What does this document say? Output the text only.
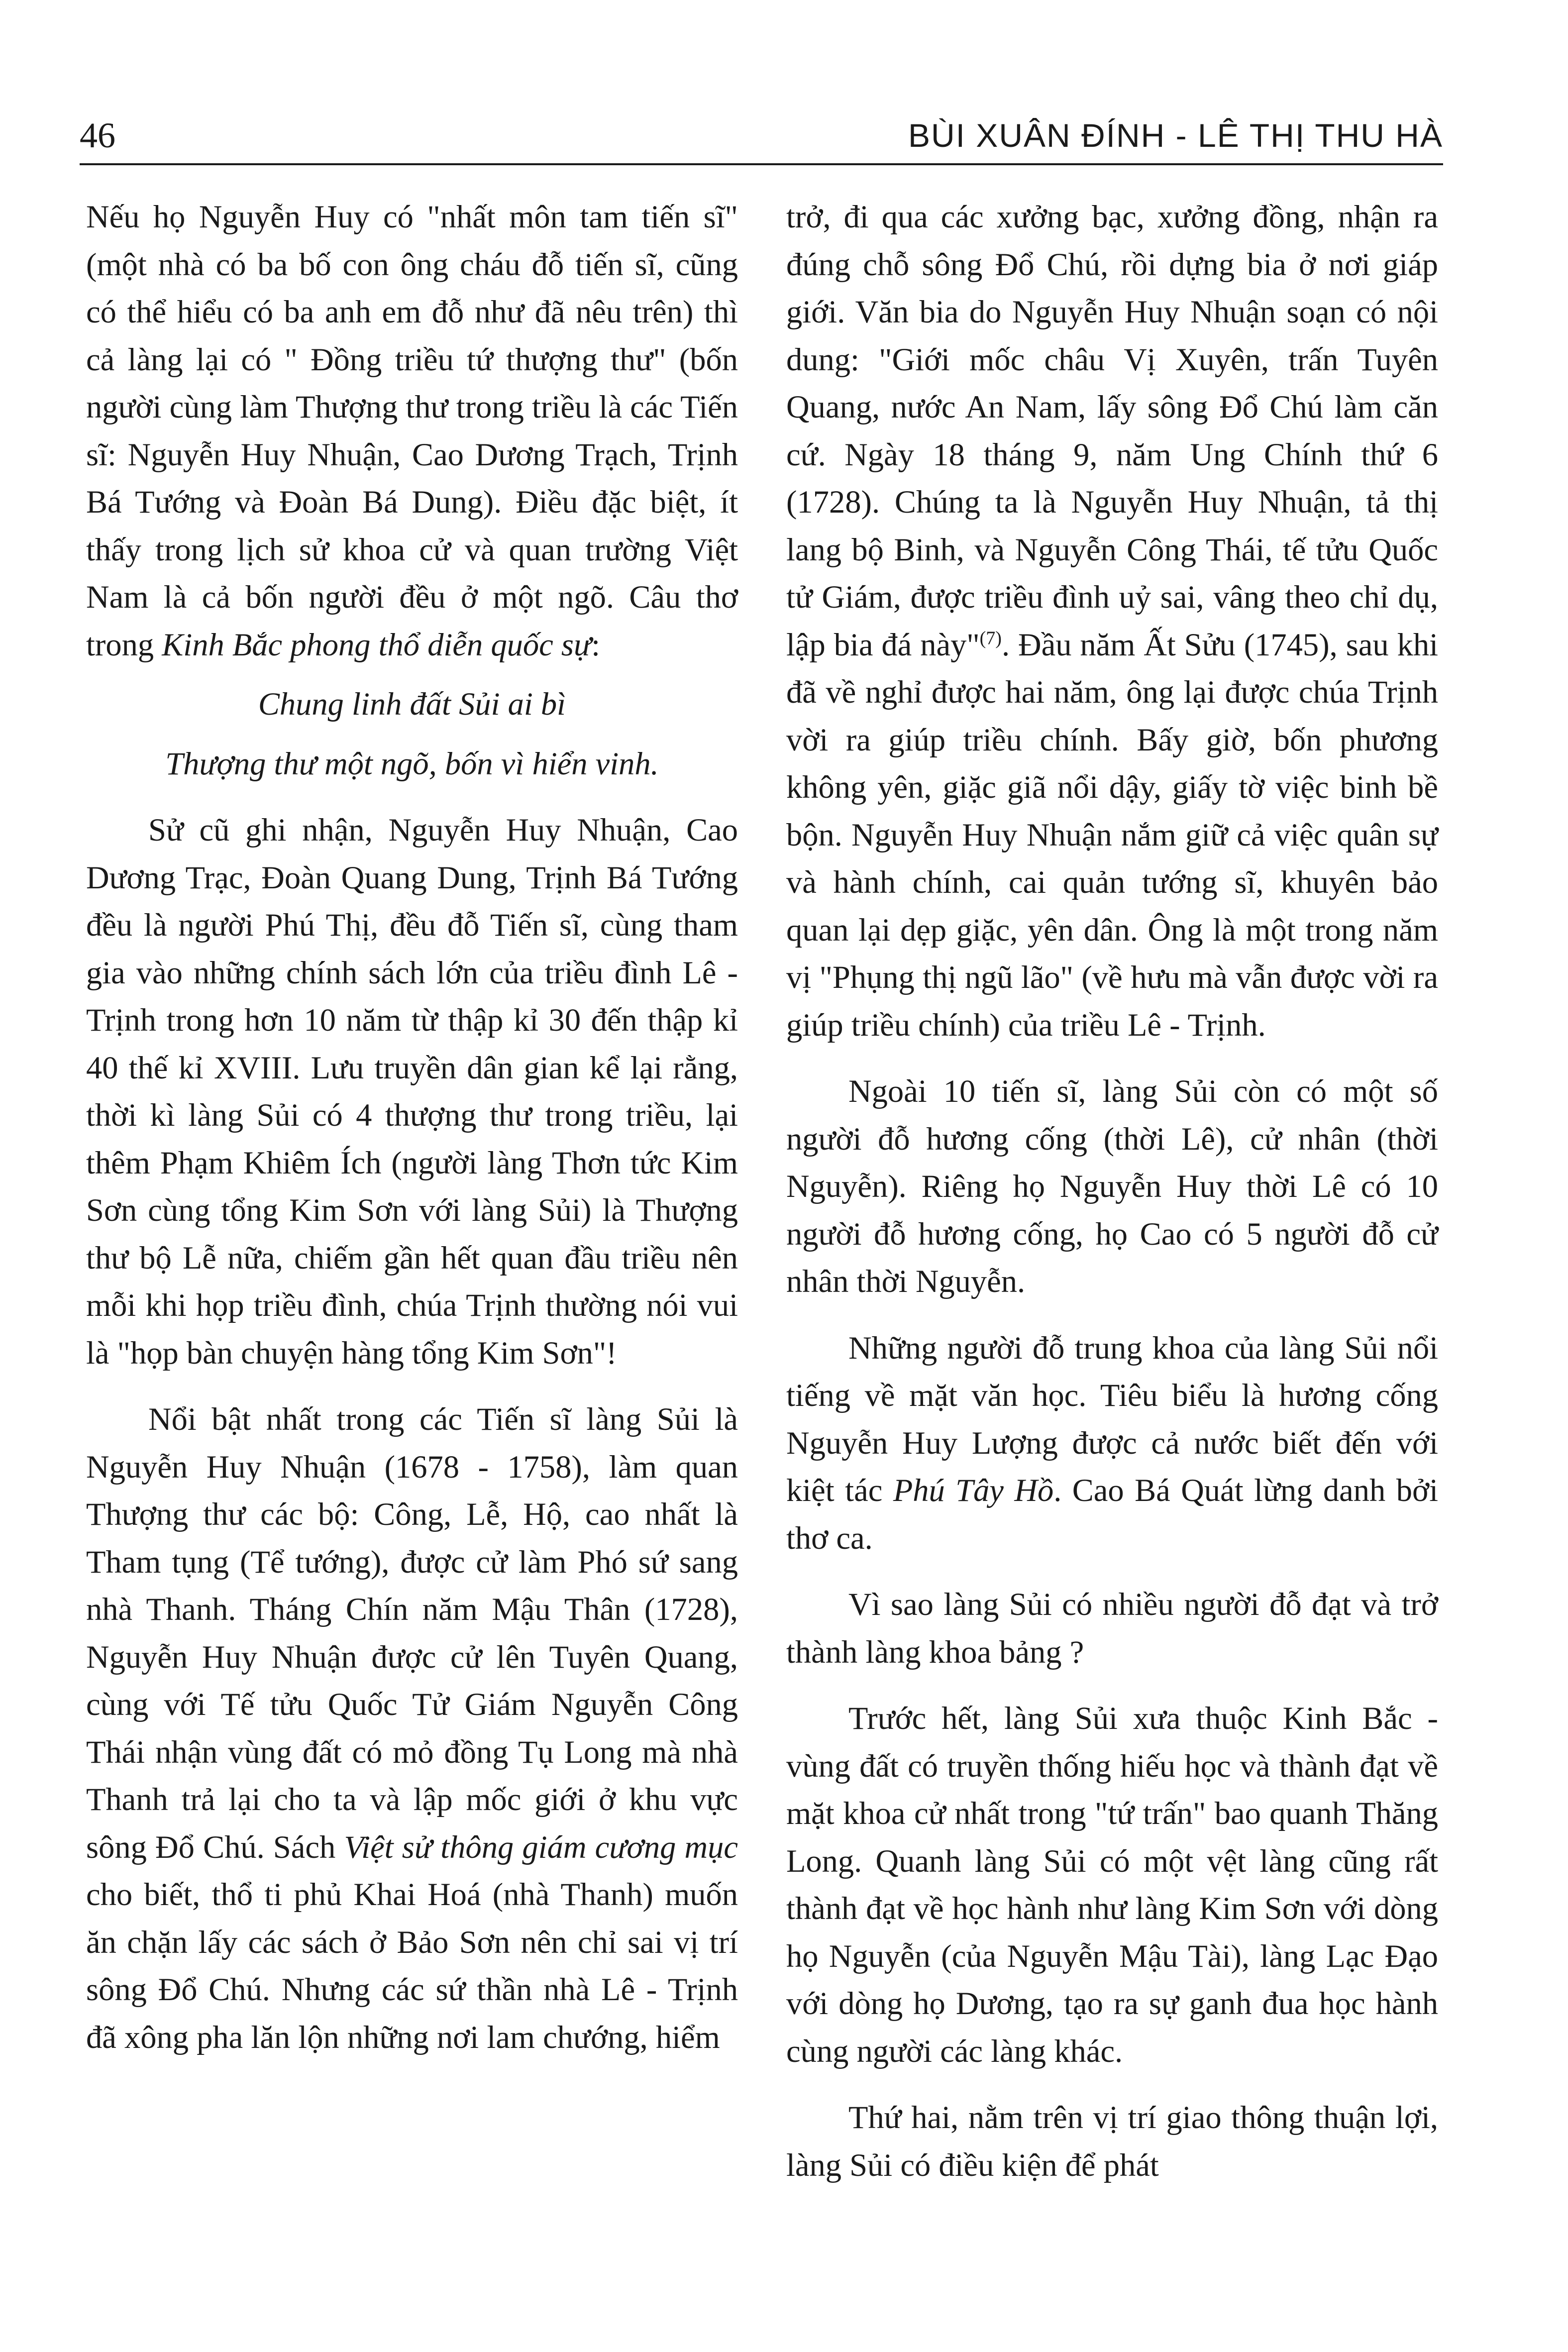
46	BÙI XUÂN ĐÍNH - LÊ THỊ THU HÀ

Nếu họ Nguyễn Huy có "nhất môn tam tiến sĩ" (một nhà có ba bố con ông cháu đỗ tiến sĩ, cũng có thể hiểu có ba anh em đỗ như đã nêu trên) thì cả làng lại có " Đồng triều tứ thượng thư" (bốn người cùng làm Thượng thư trong triều là các Tiến sĩ: Nguyễn Huy Nhuận, Cao Dương Trạch, Trịnh Bá Tướng và Đoàn Bá Dung). Điều đặc biệt, ít thấy trong lịch sử khoa cử và quan trường Việt Nam là cả bốn người đều ở một ngõ. Câu thơ trong Kinh Bắc phong thổ diễn quốc sự:

Chung linh đất Sủi ai bì

Thượng thư một ngõ, bốn vì hiển vinh.

Sử cũ ghi nhận, Nguyễn Huy Nhuận, Cao Dương Trạc, Đoàn Quang Dung, Trịnh Bá Tướng đều là người Phú Thị, đều đỗ Tiến sĩ, cùng tham gia vào những chính sách lớn của triều đình Lê - Trịnh trong hơn 10 năm từ thập kỉ 30 đến thập kỉ 40 thế kỉ XVIII. Lưu truyền dân gian kể lại rằng, thời kì làng Sủi có 4 thượng thư trong triều, lại thêm Phạm Khiêm Ích (người làng Thơn tức Kim Sơn cùng tổng Kim Sơn với làng Sủi) là Thượng thư bộ Lễ nữa, chiếm gần hết quan đầu triều nên mỗi khi họp triều đình, chúa Trịnh thường nói vui là "họp bàn chuyện hàng tổng Kim Sơn"!

Nổi bật nhất trong các Tiến sĩ làng Sủi là Nguyễn Huy Nhuận (1678 - 1758), làm quan Thượng thư các bộ: Công, Lễ, Hộ, cao nhất là Tham tụng (Tể tướng), được cử làm Phó sứ sang nhà Thanh. Tháng Chín năm Mậu Thân (1728), Nguyễn Huy Nhuận được cử lên Tuyên Quang, cùng với Tế tửu Quốc Tử Giám Nguyễn Công Thái nhận vùng đất có mỏ đồng Tụ Long mà nhà Thanh trả lại cho ta và lập mốc giới ở khu vực sông Đổ Chú. Sách Việt sử thông giám cương mục cho biết, thổ ti phủ Khai Hoá (nhà Thanh) muốn ăn chặn lấy các sách ở Bảo Sơn nên chỉ sai vị trí sông Đổ Chú. Nhưng các sứ thần nhà Lê - Trịnh đã xông pha lăn lộn những nơi lam chướng, hiểm

trở, đi qua các xưởng bạc, xưởng đồng, nhận ra đúng chỗ sông Đổ Chú, rồi dựng bia ở nơi giáp giới. Văn bia do Nguyễn Huy Nhuận soạn có nội dung: "Giới mốc châu Vị Xuyên, trấn Tuyên Quang, nước An Nam, lấy sông Đổ Chú làm căn cứ. Ngày 18 tháng 9, năm Ung Chính thứ 6 (1728). Chúng ta là Nguyễn Huy Nhuận, tả thị lang bộ Binh, và Nguyễn Công Thái, tế tửu Quốc tử Giám, được triều đình uỷ sai, vâng theo chỉ dụ, lập bia đá này"$^{(7)}$. Đầu năm Ất Sửu (1745), sau khi đã về nghỉ được hai năm, ông lại được chúa Trịnh vời ra giúp triều chính. Bấy giờ, bốn phương không yên, giặc giã nổi dậy, giấy tờ việc binh bề bộn. Nguyễn Huy Nhuận nắm giữ cả việc quân sự và hành chính, cai quản tướng sĩ, khuyên bảo quan lại dẹp giặc, yên dân. Ông là một trong năm vị "Phụng thị ngũ lão" (về hưu mà vẫn được vời ra giúp triều chính) của triều Lê - Trịnh.

Ngoài 10 tiến sĩ, làng Sủi còn có một số người đỗ hương cống (thời Lê), cử nhân (thời Nguyễn). Riêng họ Nguyễn Huy thời Lê có 10 người đỗ hương cống, họ Cao có 5 người đỗ cử nhân thời Nguyễn.

Những người đỗ trung khoa của làng Sủi nổi tiếng về mặt văn học. Tiêu biểu là hương cống Nguyễn Huy Lượng được cả nước biết đến với kiệt tác Phú Tây Hồ. Cao Bá Quát lừng danh bởi thơ ca.

Vì sao làng Sủi có nhiều người đỗ đạt và trở thành làng khoa bảng ?

Trước hết, làng Sủi xưa thuộc Kinh Bắc - vùng đất có truyền thống hiếu học và thành đạt về mặt khoa cử nhất trong "tứ trấn" bao quanh Thăng Long. Quanh làng Sủi có một vệt làng cũng rất thành đạt về học hành như làng Kim Sơn với dòng họ Nguyễn (của Nguyễn Mậu Tài), làng Lạc Đạo với dòng họ Dương, tạo ra sự ganh đua học hành cùng người các làng khác.

Thứ hai, nằm trên vị trí giao thông thuận lợi, làng Sủi có điều kiện để phát
